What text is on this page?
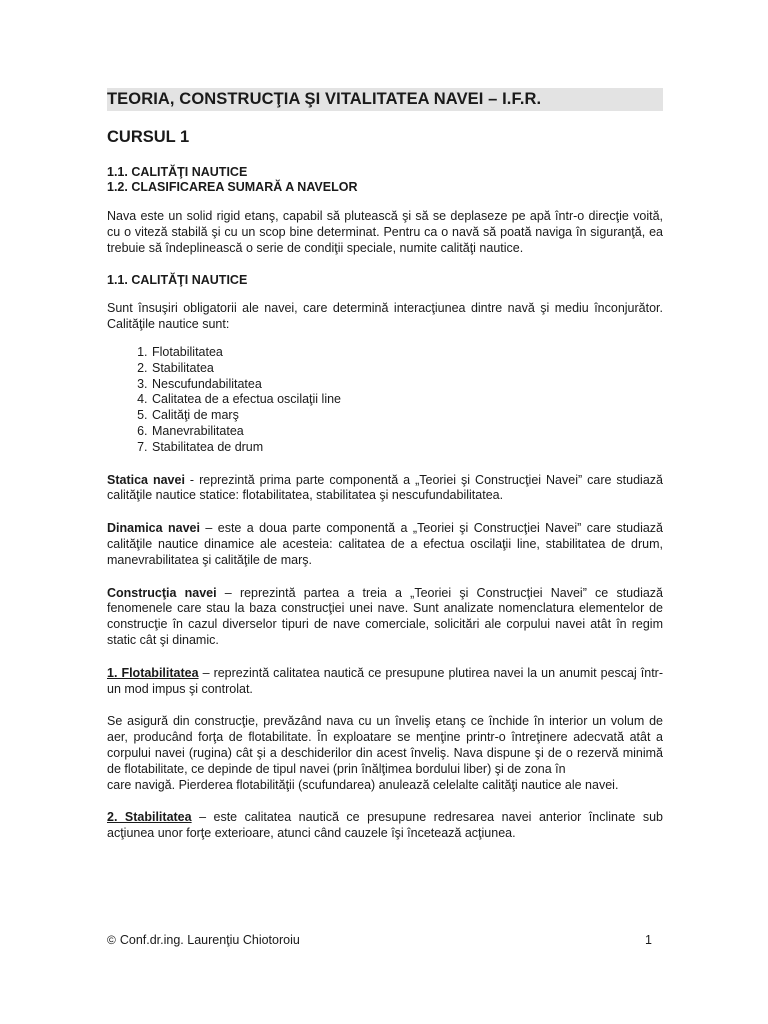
TEORIA, CONSTRUCŢIA ŞI VITALITATEA NAVEI – I.F.R.
CURSUL 1
1.1. CALITĂŢI NAUTICE
1.2. CLASIFICAREA SUMARĂ A NAVELOR

Nava este un solid rigid etanş, capabil să plutească şi să se deplaseze pe apă într-o direcţie voită, cu o viteză stabilă şi cu un scop bine determinat. Pentru ca o navă să poată naviga în siguranţă, ea trebuie să îndeplinească o serie de condiţii speciale, numite calităţi nautice.

1.1. CALITĂŢI NAUTICE

Sunt însuşiri obligatorii ale navei, care determină interacţiunea dintre navă şi mediu înconjurător. Calităţile nautice sunt:

1. Flotabilitatea
2. Stabilitatea
3. Nescufundabilitatea
4. Calitatea de a efectua oscilaţii line
5. Calităţi de marş
6. Manevrabilitatea
7. Stabilitatea de drum

Statica navei - reprezintă prima parte componentă a „Teoriei şi Construcţiei Navei” care studiază calităţile nautice statice: flotabilitatea, stabilitatea şi nescufundabilitatea.

Dinamica navei – este a doua parte componentă a „Teoriei şi Construcţiei Navei” care studiază calităţile nautice dinamice ale acesteia: calitatea de a efectua oscilaţii line, stabilitatea de drum, manevrabilitatea şi calităţile de marş.

Construcţia navei – reprezintă partea a treia a „Teoriei şi Construcţiei Navei” ce studiază fenomenele care stau la baza construcţiei unei nave. Sunt analizate nomenclatura elementelor de construcţie în cazul diverselor tipuri de nave comerciale, solicitări ale corpului navei atât în regim static cât şi dinamic.

1. Flotabilitatea – reprezintă calitatea nautică ce presupune plutirea navei la un anumit pescaj într-un mod impus şi controlat.

Se asigură din construcţie, prevăzând nava cu un înveliş etanş ce închide în interior un volum de aer, producând forţa de flotabilitate. În exploatare se menţine printr-o întreţinere adecvată atât a corpului navei (rugina) cât şi a deschiderilor din acest înveliş. Nava dispune şi de o rezervă minimă de flotabilitate, ce depinde de tipul navei (prin înălţimea bordului liber) şi de zona în

care navigă. Pierderea flotabilităţii (scufundarea) anulează celelalte calităţi nautice ale navei.

2. Stabilitatea – este calitatea nautică ce presupune redresarea navei anterior înclinate sub acţiunea unor forţe exterioare, atunci când cauzele îşi încetează acţiunea.

© Conf.dr.ing. Laurenţiu Chiotoroiu	1
